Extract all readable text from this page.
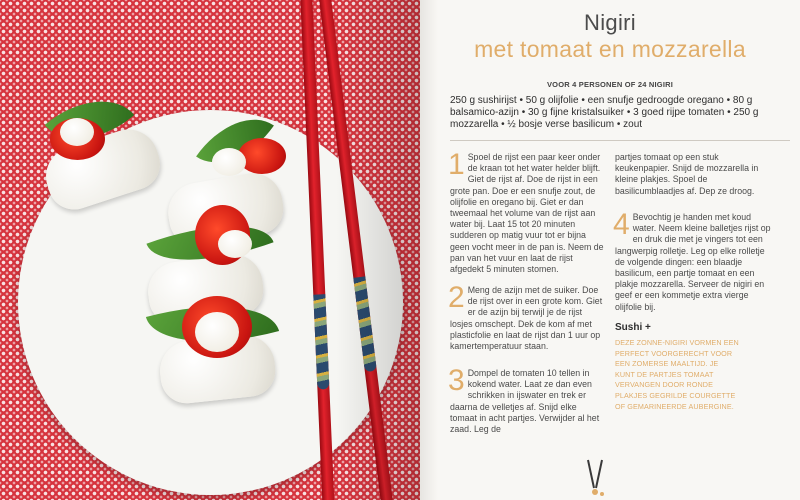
Nigiri
met tomaat en mozzarella
VOOR 4 PERSONEN OF 24 NIGIRI
250 g sushirijst • 50 g olijfolie • een snufje gedroogde oregano • 80 g balsamico-azijn • 30 g fijne kristalsuiker • 3 goed rijpe tomaten • 250 g mozzarella • ½ bosje verse basilicum • zout
1 Spoel de rijst een paar keer onder de kraan tot het water helder blijft. Giet de rijst af. Doe de rijst in een grote pan. Doe er een snufje zout, de olijfolie en oregano bij. Giet er dan tweemaal het volume van de rijst aan water bij. Laat 15 tot 20 minuten sudderen op matig vuur tot er bijna geen vocht meer in de pan is. Neem de pan van het vuur en laat de rijst afgedekt 5 minuten stomen.
2 Meng de azijn met de suiker. Doe de rijst over in een grote kom. Giet er de azijn bij terwijl je de rijst losjes omschept. Dek de kom af met plasticfolie en laat de rijst dan 1 uur op kamertemperatuur staan.
3 Dompel de tomaten 10 tellen in kokend water. Laat ze dan even schrikken in ijswater en trek er daarna de velletjes af. Snijd elke tomaat in acht partjes. Verwijder al het zaad. Leg de
partjes tomaat op een stuk keukenpapier. Snijd de mozzarella in kleine plakjes. Spoel de basilicumblaadjes af. Dep ze droog.
4 Bevochtig je handen met koud water. Neem kleine balletjes rijst op en druk die met je vingers tot een langwerpig rolletje. Leg op elke rolletje de volgende dingen: een blaadje basilicum, een partje tomaat en een plakje mozzarella. Serveer de nigiri en geef er een kommetje extra vierge olijfolie bij.
Sushi +
DEZE ZONNE-NIGIRI VORMEN EEN PERFECT VOORGERECHT VOOR EEN ZOMERSE MAALTIJD. JE KUNT DE PARTJES TOMAAT VERVANGEN DOOR RONDE PLAKJES GEGRILDE COURGETTE OF GEMARINEERDE AUBERGINE.
